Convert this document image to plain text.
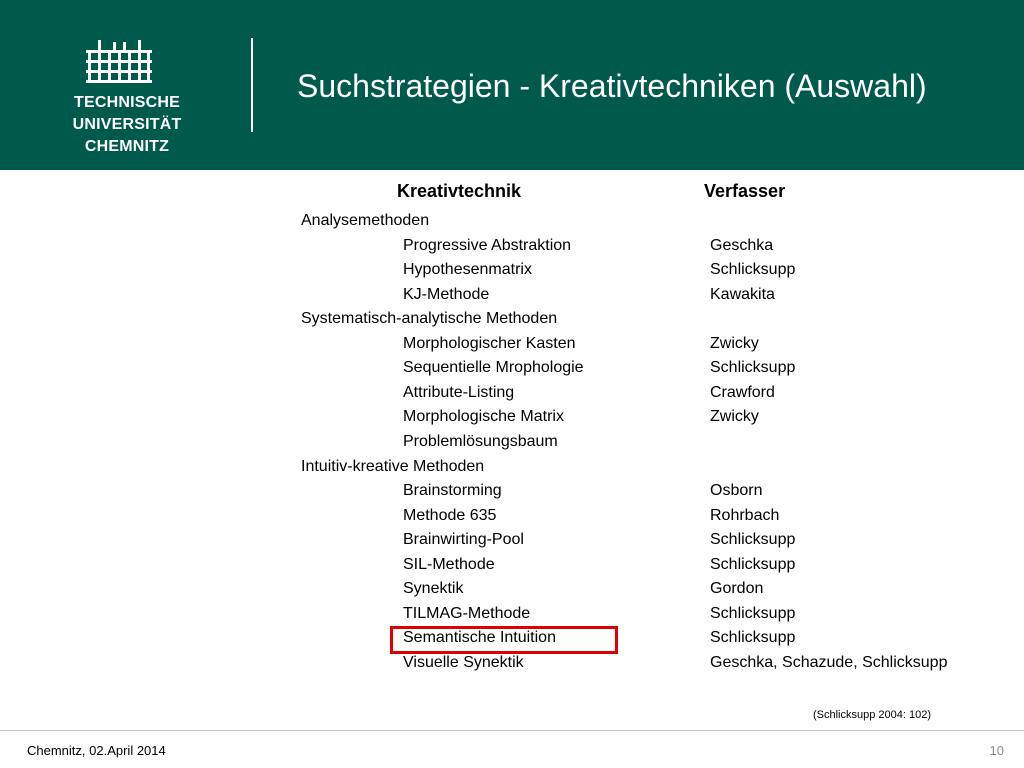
TECHNISCHE UNIVERSITÄT
CHEMNITZ
Suchstrategien - Kreativtechniken (Auswahl)
Kreativtechnik	Verfasser
Analysemethoden
Progressive Abstraktion	Geschka
Hypothesenmatrix	Schlicksupp
KJ-Methode	Kawakita
Systematisch-analytische Methoden
Morphologischer Kasten	Zwicky
Sequentielle Mrophologie	Schlicksupp
Attribute-Listing	Crawford
Morphologische Matrix	Zwicky
Problemlösungsbaum
Intuitiv-kreative Methoden
Brainstorming	Osborn
Methode 635	Rohrbach
Brainwirting-Pool	Schlicksupp
SIL-Methode	Schlicksupp
Synektik	Gordon
TILMAG-Methode	Schlicksupp
Semantische Intuition	Schlicksupp
Visuelle Synektik	Geschka, Schazude, Schlicksupp
(Schlicksupp 2004: 102)
Chemnitz, 02.April 2014	10
